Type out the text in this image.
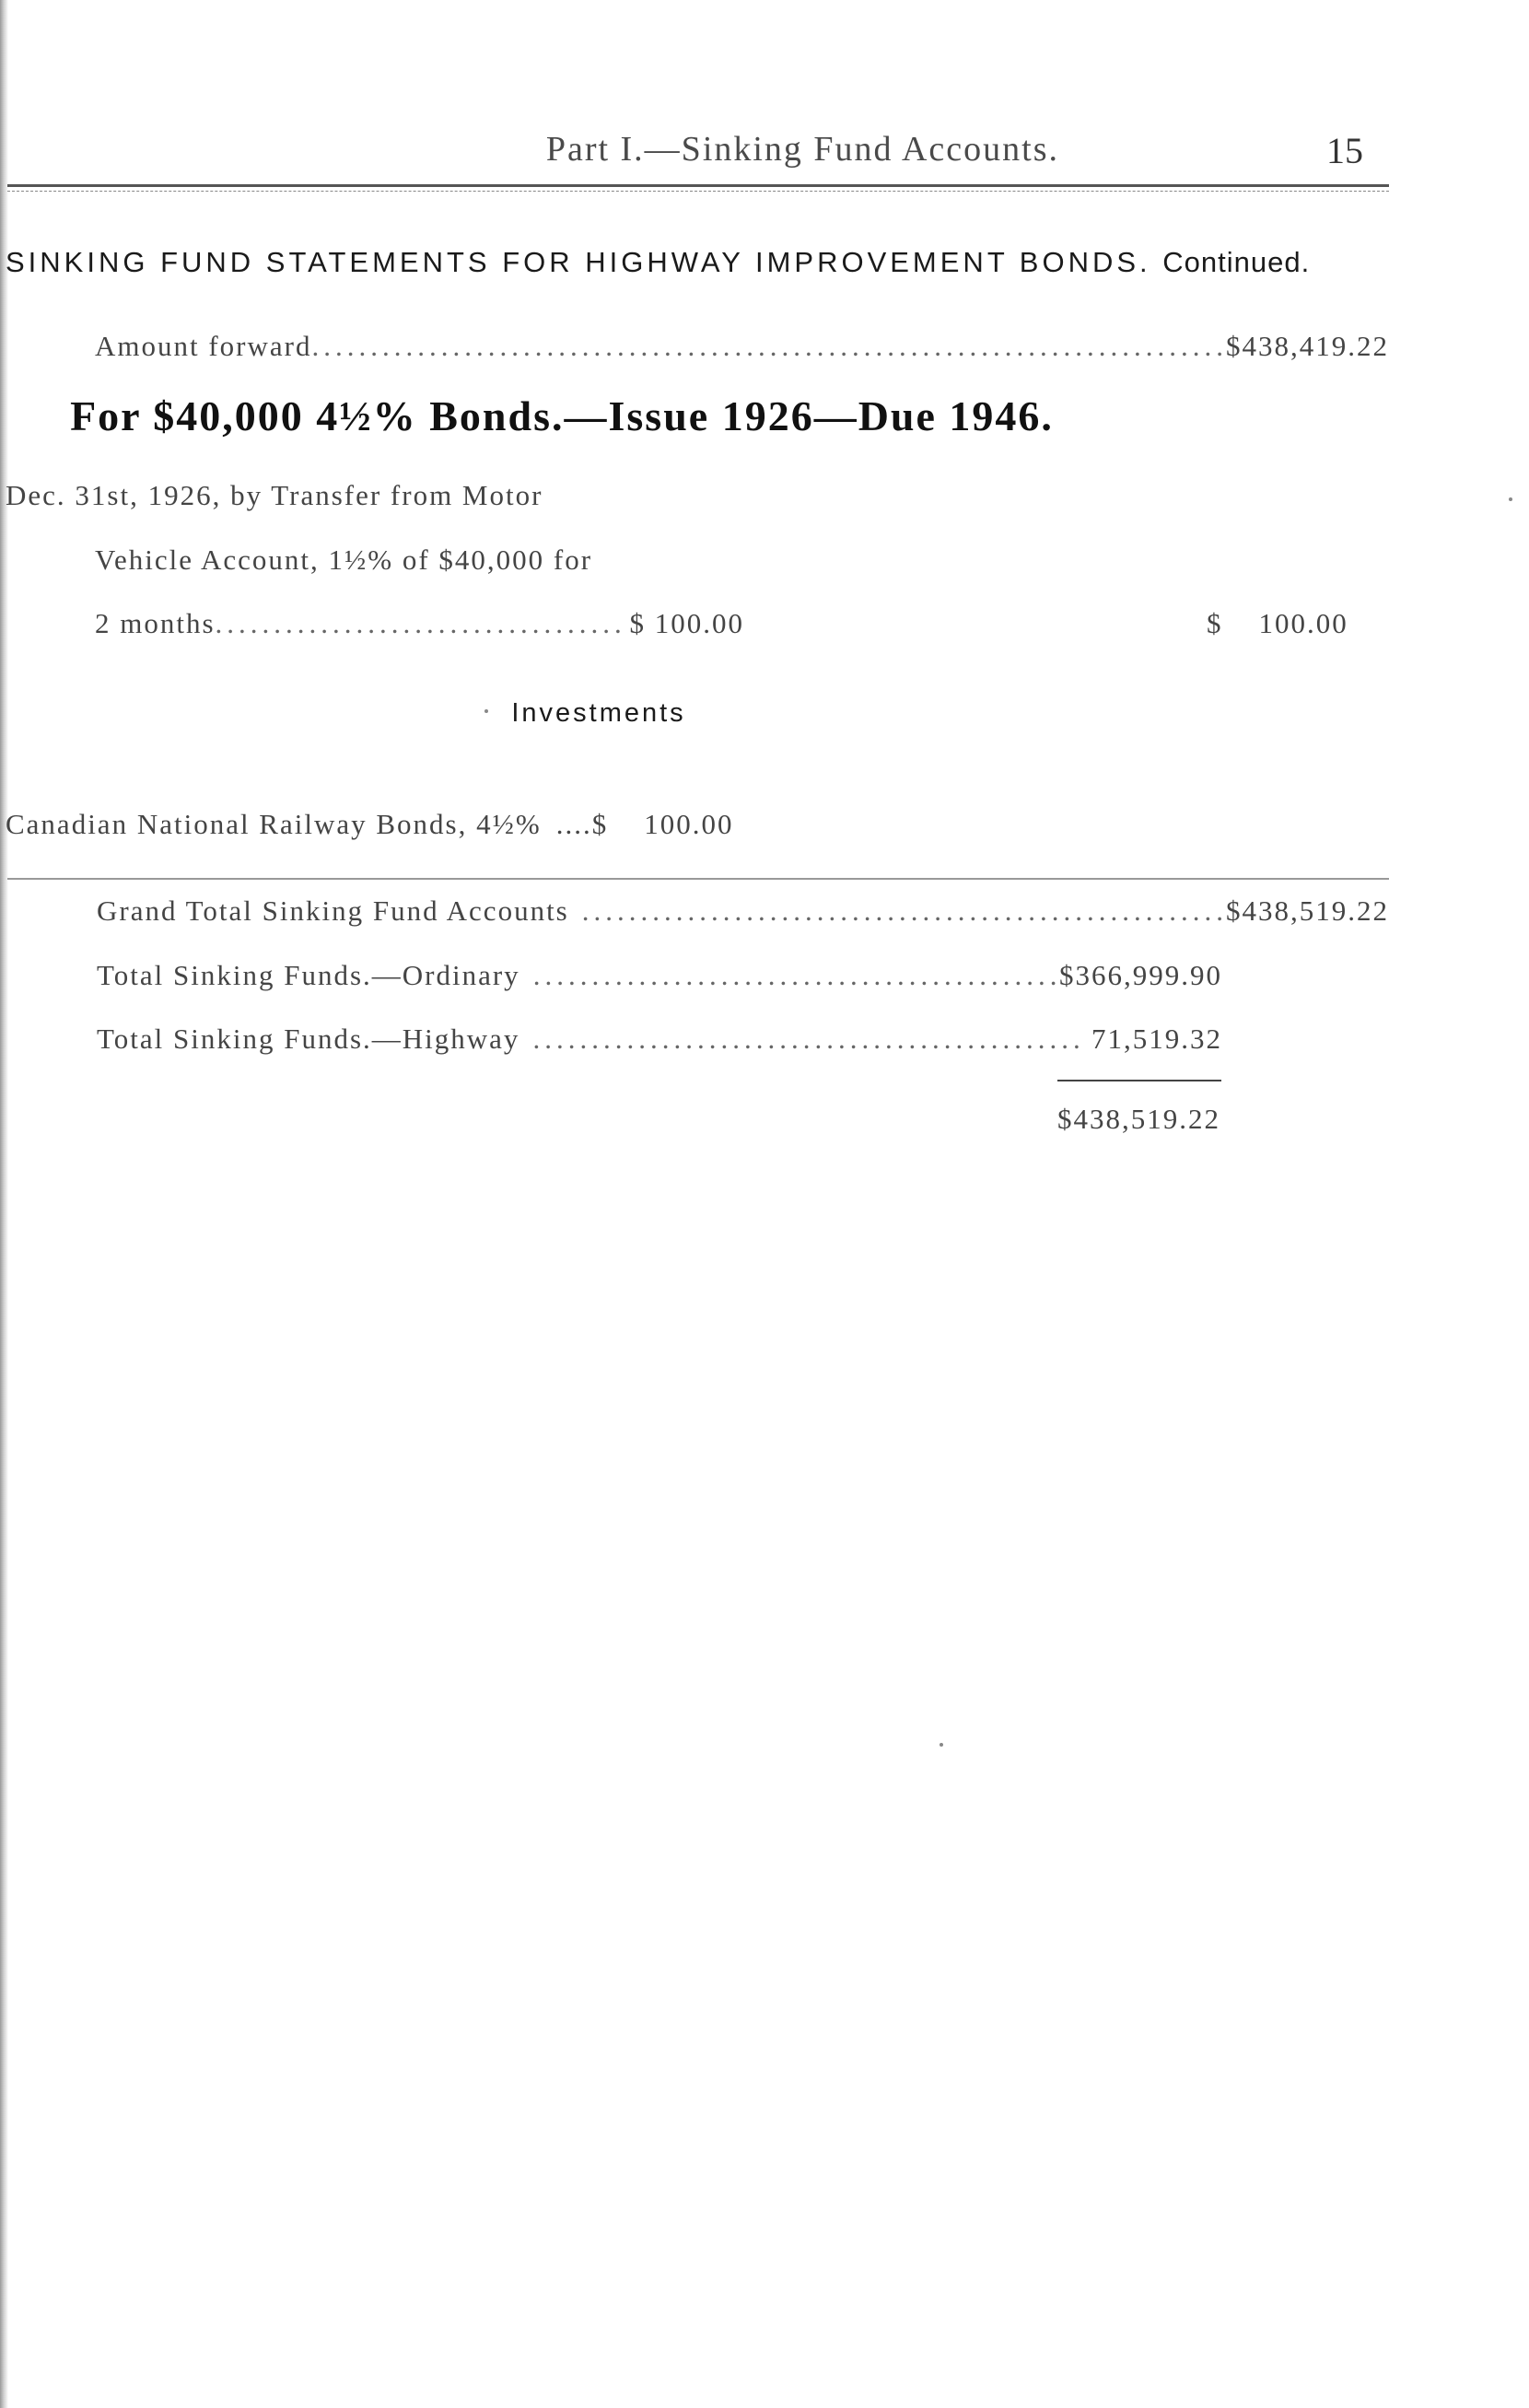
Part I.—Sinking Fund Accounts.	15
SINKING FUND STATEMENTS FOR HIGHWAY IMPROVEMENT BONDS. Continued.
Amount forward .....	$438,419.22
For $40,000 4½% Bonds.—Issue 1926—Due 1946.
Dec. 31st, 1926, by Transfer from Motor
Vehicle Account, 1½% of $40,000 for
2 months .....	$ 100.00	$    100.00
Investments
Canadian National Railway Bonds, 4½% .... $    100.00
Grand Total Sinking Fund Accounts .....	$438,519.22
Total Sinking Funds.—Ordinary .....	$366,999.90
Total Sinking Funds.—Highway .....	71,519.32
$438,519.22
